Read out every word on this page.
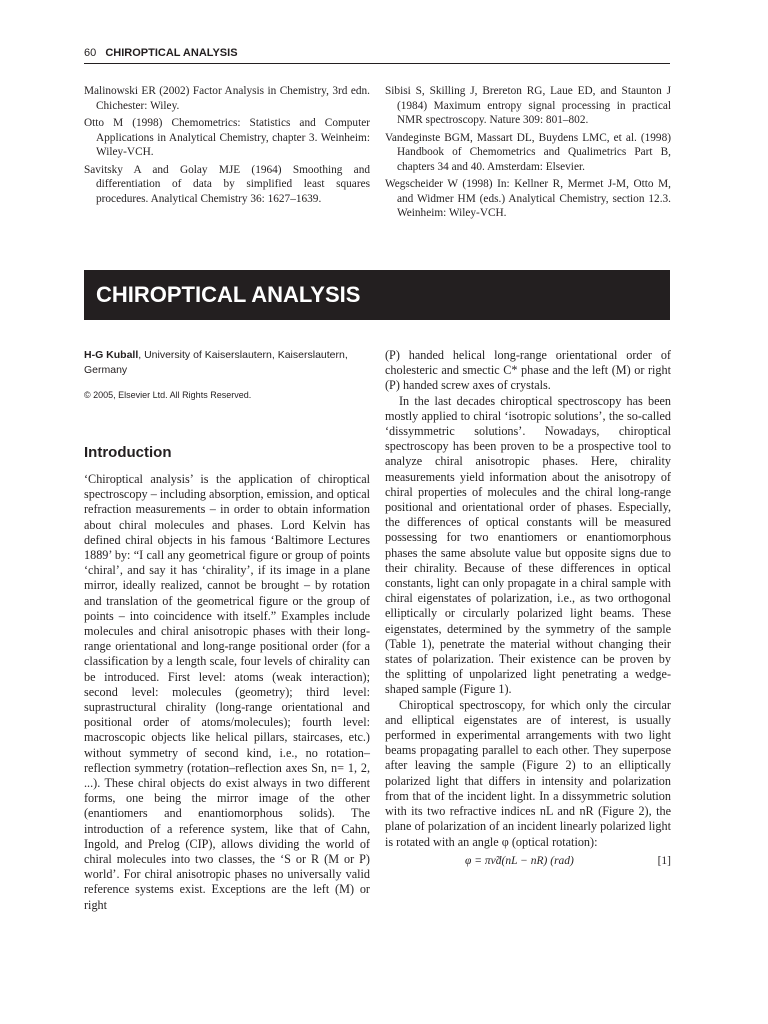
60 CHIROPTICAL ANALYSIS

Malinowski ER (2002) Factor Analysis in Chemistry, 3rd edn. Chichester: Wiley.

Otto M (1998) Chemometrics: Statistics and Computer Applications in Analytical Chemistry, chapter 3. Weinheim: Wiley-VCH.

Savitsky A and Golay MJE (1964) Smoothing and differentiation of data by simplified least squares procedures. Analytical Chemistry 36: 1627–1639.

Sibisi S, Skilling J, Brereton RG, Laue ED, and Staunton J (1984) Maximum entropy signal processing in practical NMR spectroscopy. Nature 309: 801–802.

Vandeginste BGM, Massart DL, Buydens LMC, et al. (1998) Handbook of Chemometrics and Qualimetrics Part B, chapters 34 and 40. Amsterdam: Elsevier.

Wegscheider W (1998) In: Kellner R, Mermet J-M, Otto M, and Widmer HM (eds.) Analytical Chemistry, section 12.3. Weinheim: Wiley-VCH.

CHIROPTICAL ANALYSIS
H-G Kuball, University of Kaiserslautern, Kaiserslautern, Germany
© 2005, Elsevier Ltd. All Rights Reserved.
Introduction

‘Chiroptical analysis’ is the application of chiroptical spectroscopy – including absorption, emission, and optical refraction measurements – in order to obtain information about chiral molecules and phases. Lord Kelvin has defined chiral objects in his famous ‘Baltimore Lectures 1889’ by: “I call any geometrical figure or group of points ‘chiral’, and say it has ‘chirality’, if its image in a plane mirror, ideally realized, cannot be brought – by rotation and translation of the geometrical figure or the group of points – into coincidence with itself.” Examples include molecules and chiral anisotropic phases with their long-range orientational and long-range positional order (for a classification by a length scale, four levels of chirality can be introduced. First level: atoms (weak interaction); second level: molecules (geometry); third level: suprastructural chirality (long-range orientational and positional order of atoms/molecules); fourth level: macroscopic objects like helical pillars, staircases, etc.) without symmetry of second kind, i.e., no rotation–reflection symmetry (rotation–reflection axes Sn, n= 1, 2, ...). These chiral objects do exist always in two different forms, one being the mirror image of the other (enantiomers and enantiomorphous solids). The introduction of a reference system, like that of Cahn, Ingold, and Prelog (CIP), allows dividing the world of chiral molecules into two classes, the ‘S or R (M or P) world’. For chiral anisotropic phases no universally valid reference systems exist. Exceptions are the left (M) or right

(P) handed helical long-range orientational order of cholesteric and smectic C* phase and the left (M) or right (P) handed screw axes of crystals.

In the last decades chiroptical spectroscopy has been mostly applied to chiral ‘isotropic solutions’, the so-called ‘dissymmetric solutions’. Nowadays, chiroptical spectroscopy has been proven to be a prospective tool to analyze chiral anisotropic phases. Here, chirality measurements yield information about the anisotropy of chiral properties of molecules and the chiral long-range positional and orientational order of phases. Especially, the differences of optical constants will be measured possessing for two enantiomers or enantiomorphous phases the same absolute value but opposite signs due to their chirality. Because of these differences in optical constants, light can only propagate in a chiral sample with chiral eigenstates of polarization, i.e., as two orthogonal elliptically or circularly polarized light beams. These eigenstates, determined by the symmetry of the sample (Table 1), penetrate the material without changing their states of polarization. Their existence can be proven by the splitting of unpolarized light penetrating a wedge-shaped sample (Figure 1).

Chiroptical spectroscopy, for which only the circular and elliptical eigenstates are of interest, is usually performed in experimental arrangements with two light beams propagating parallel to each other. They superpose after leaving the sample (Figure 2) to an elliptically polarized light that differs in intensity and polarization from that of the incident light. In a dissymmetric solution with its two refractive indices nL and nR (Figure 2), the plane of polarization of an incident linearly polarized light is rotated with an angle φ (optical rotation):

φ = πν̃d(nL − nR) (rad)	[1]
